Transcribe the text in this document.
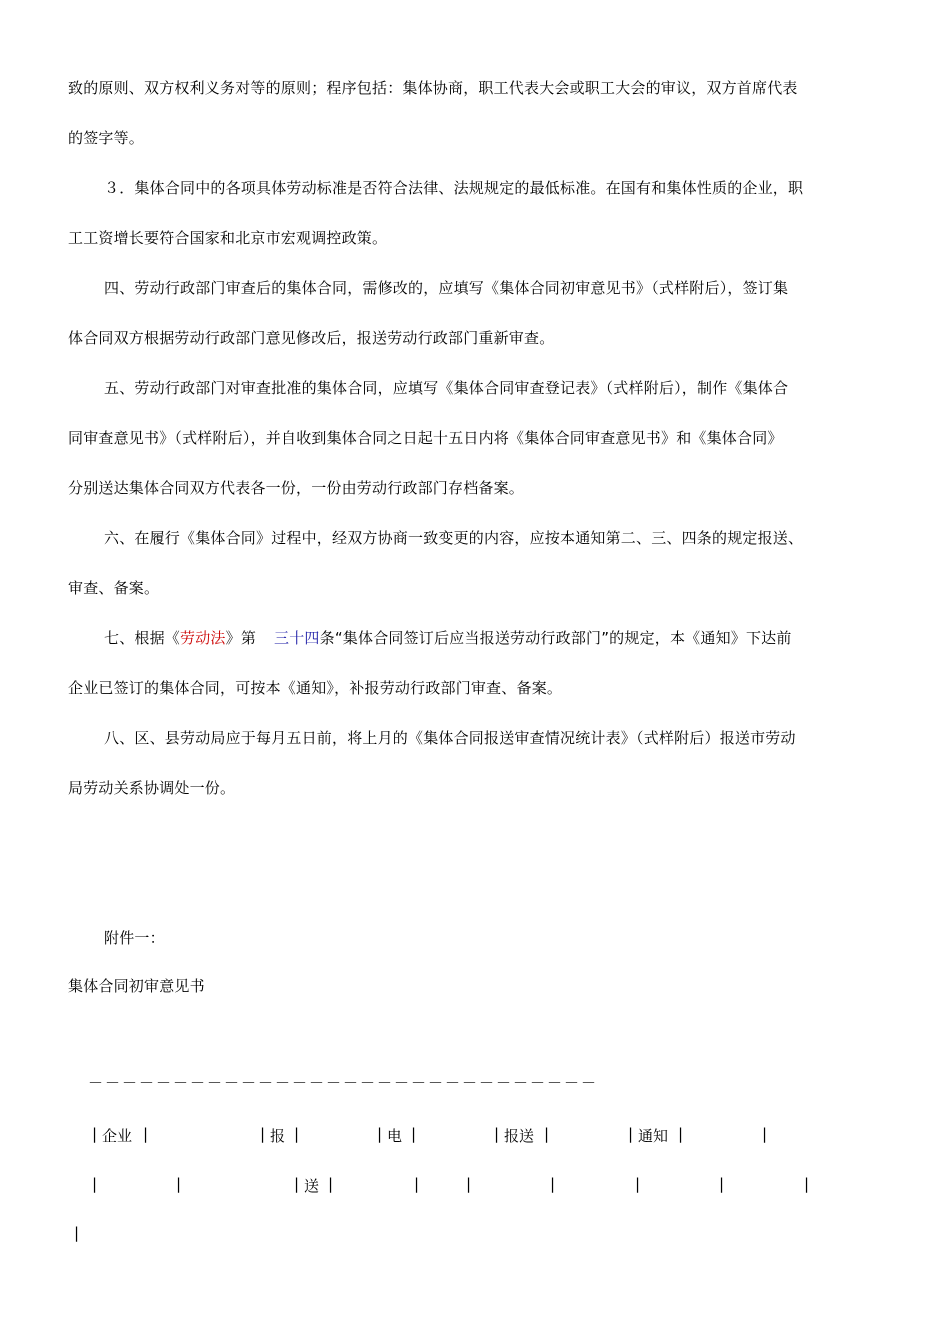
致的原则、双方权利义务对等的原则；程序包括：集体协商，职工代表大会或职工大会的审议，双方首席代表
的签字等。
３．集体合同中的各项具体劳动标准是否符合法律、法规规定的最低标准。在国有和集体性质的企业，职
工工资增长要符合国家和北京市宏观调控政策。
四、劳动行政部门审查后的集体合同，需修改的，应填写《集体合同初审意见书》（式样附后），签订集
体合同双方根据劳动行政部门意见修改后，报送劳动行政部门重新审查。
五、劳动行政部门对审查批准的集体合同，应填写《集体合同审查登记表》（式样附后），制作《集体合
同审查意见书》（式样附后），并自收到集体合同之日起十五日内将《集体合同审查意见书》和《集体合同》
分别送达集体合同双方代表各一份，一份由劳动行政部门存档备案。
六、在履行《集体合同》过程中，经双方协商一致变更的内容，应按本通知第二、三、四条的规定报送、
审查、备案。
七、根据《劳动法》第 三十四条“集体合同签订后应当报送劳动行政部门”的规定，本《通知》下达前
企业已签订的集体合同，可按本《通知》，补报劳动行政部门审查、备案。
八、区、县劳动局应于每月五日前，将上月的《集体合同报送审查情况统计表》（式样附后）报送市劳动
局劳动关系协调处一份。
附件一：
集体合同初审意见书
－－－－－－－－－－－－－－－－－－－－－－－－－－－－－－
| 企业 |	| 报 |	| 电 |	| 报送 |	| 通知 |	|
|	|	| 送 |	|	|	|	|	|	|
|
